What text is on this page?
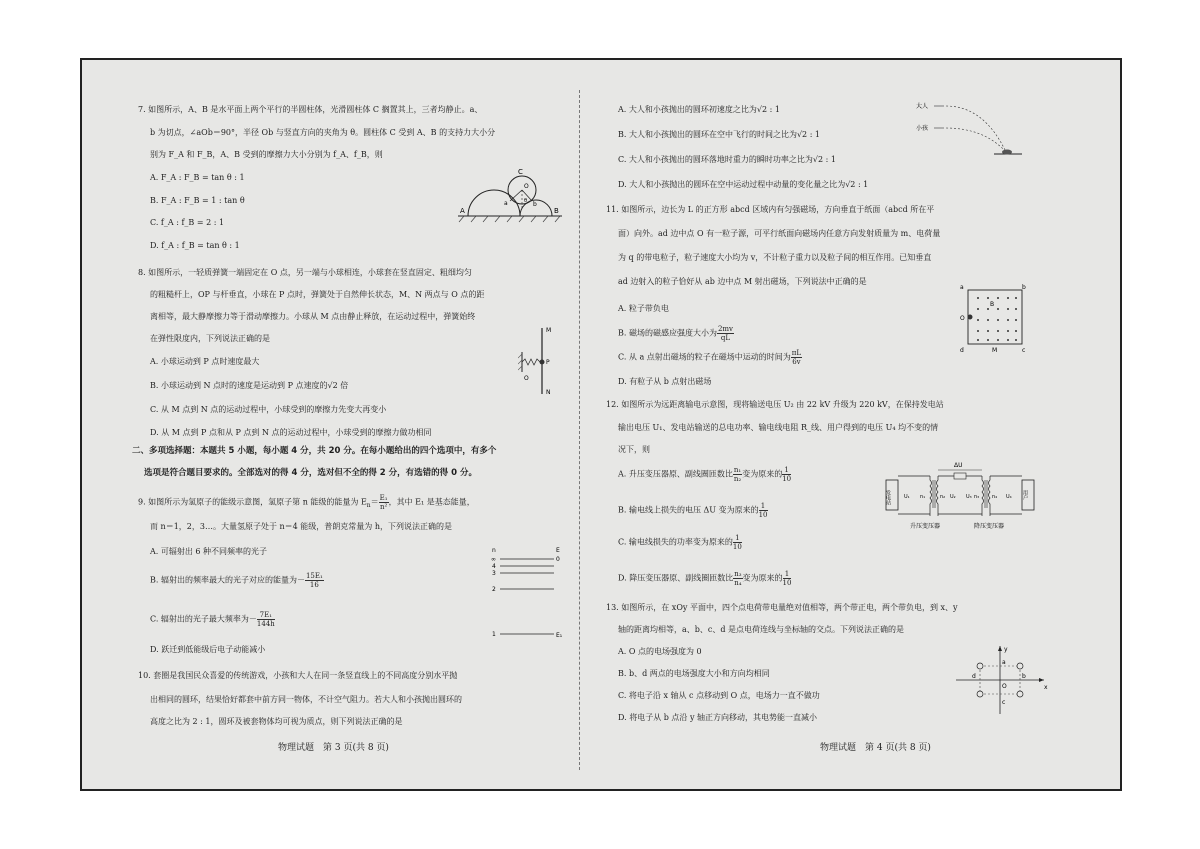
7. 如图所示，A、B 是水平面上两个平行的半圆柱体，光滑圆柱体 C 搁置其上，三者均静止。a、
b 为切点，∠aOb＝90°，半径 Ob 与竖直方向的夹角为 θ。圆柱体 C 受到 A、B 的支持力大小分
别为 F_A 和 F_B，A、B 受到的摩擦力大小分别为 f_A、f_B，则
A. F_A : F_B = tan θ : 1
B. F_A : F_B = 1 : tan θ
C. f_A : f_B = 2 : 1
D. f_A : f_B = tan θ : 1
C
O
a	b
θ
A	B
8. 如图所示，一轻质弹簧一端固定在 O 点，另一端与小球相连，小球套在竖直固定、粗细均匀
的粗糙杆上，OP 与杆垂直，小球在 P 点时，弹簧处于自然伸长状态，M、N 两点与 O 点的距
离相等，最大静摩擦力等于滑动摩擦力。小球从 M 点由静止释放，在运动过程中，弹簧始终
在弹性限度内，下列说法正确的是
A. 小球运动到 P 点时速度最大
B. 小球运动到 N 点时的速度是运动到 P 点速度的√2 倍
C. 从 M 点到 N 点的运动过程中，小球受到的摩擦力先变大再变小
D. 从 M 点到 P 点和从 P 点到 N 点的运动过程中，小球受到的摩擦力做功相同
M
P
N
O
二、多项选择题：本题共 5 小题，每小题 4 分，共 20 分。在每小题给出的四个选项中，有多个
选项是符合题目要求的。全部选对的得 4 分，选对但不全的得 2 分，有选错的得 0 分。
9. 如图所示为氢原子的能级示意图，氢原子第 n 能级的能量为 $E_n= \frac{\text{E₁}}{\text{n²}}$ ，其中 E₁ 是基态能量，
而 n＝1，2，3…。大量氢原子处于 n＝4 能级，普朗克常量为 h，下列说法正确的是
A. 可辐射出 6 种不同频率的光子
B. 辐射出的频率最大的光子对应的能量为－ $\frac{\text{15E₁}}{16}$
C. 辐射出的光子最大频率为－ $\frac{\text{7E₁}}{144h}$
D. 跃迁到低能级后电子动能减小
n	E
∞	0
4
3
2
1	E₁
10. 套圈是我国民众喜爱的传统游戏，小孩和大人在同一条竖直线上的不同高度分别水平抛
出相同的圆环，结果恰好都套中前方同一物体，不计空气阻力。若大人和小孩抛出圆环的
高度之比为 2 : 1，圆环及被套物体均可视为质点，则下列说法正确的是
物理试题　第 3 页(共 8 页)
A. 大人和小孩抛出的圆环初速度之比为√2 : 1
B. 大人和小孩抛出的圆环在空中飞行的时间之比为√2 : 1
C. 大人和小孩抛出的圆环落地时重力的瞬时功率之比为√2 : 1
D. 大人和小孩抛出的圆环在空中运动过程中动量的变化量之比为√2 : 1
大人
小孩
11. 如图所示，边长为 L 的正方形 abcd 区域内有匀强磁场，方向垂直于纸面（abcd 所在平
面）向外。ad 边中点 O 有一粒子源，可平行纸面向磁场内任意方向发射质量为 m、电荷量
为 q 的带电粒子，粒子速度大小均为 v，不计粒子重力以及粒子间的相互作用。已知垂直
ad 边射入的粒子恰好从 ab 边中点 M 射出磁场，下列说法中正确的是
A. 粒子带负电
B. 磁场的磁感应强度大小为 $\frac{2mv}{qL}$
C. 从 a 点射出磁场的粒子在磁场中运动的时间为 $\frac{\pi L}{6v}$
D. 有粒子从 b 点射出磁场
a	b
c
d
O
M
B
12. 如图所示为远距离输电示意图，现将输送电压 U₂ 由 22 kV 升级为 220 kV，在保持发电站
输出电压 U₁、发电站输送的总电功率、输电线电阻 R_线、用户得到的电压 U₄ 均不变的情
况下，则
A. 升压变压器原、副线圈匝数比 $\frac{\text{n₁}}{\text{n₂}}$ 变为原来的 $\frac{1}{10}$
B. 输电线上损失的电压 ΔU 变为原来的 $\frac{1}{10}$
C. 输电线损失的功率变为原来的 $\frac{1}{10}$
D. 降压变压器原、副线圈匝数比 $\frac{\text{n₃}}{\text{n₄}}$ 变为原来的 $\frac{1}{10}$
ΔU
发电站	用户
U₁ n₁	n₂ U₂ U₃ n₃	n₄ U₄
升压变压器	降压变压器
13. 如图所示，在 xOy 平面中，四个点电荷带电量绝对值相等，两个带正电，两个带负电，到 x、y
轴的距离均相等，a、b、c、d 是点电荷连线与坐标轴的交点。下列说法正确的是
A. O 点的电场强度为 0
B. b、d 两点的电场强度大小和方向均相同
C. 将电子沿 x 轴从 c 点移动到 O 点，电场力一直不做功
D. 将电子从 b 点沿 y 轴正方向移动，其电势能一直减小
x
y
O
a
b
c
d
物理试题　第 4 页(共 8 页)
